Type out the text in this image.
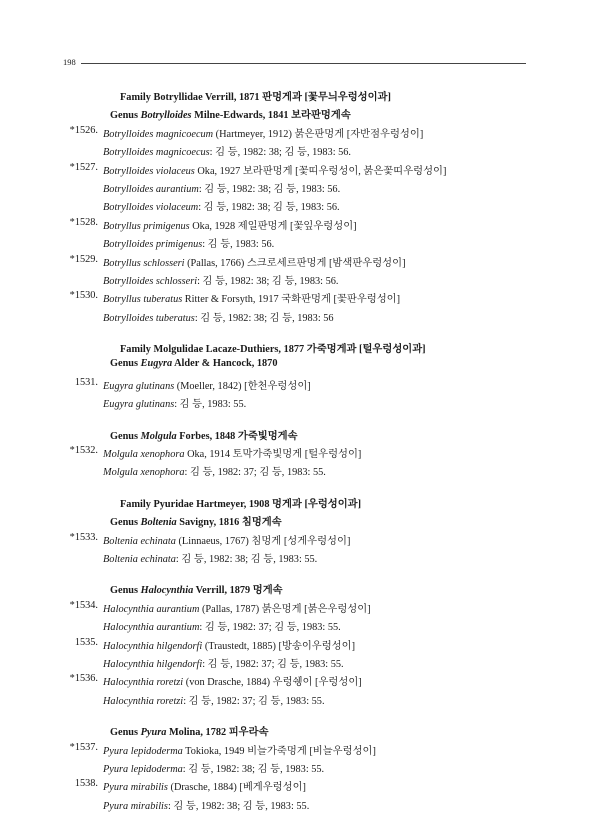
198
Family Botryllidae Verrill, 1871 판멍게과 [꽃무늬우렁성이과]
Genus Botrylloides Milne-Edwards, 1841 보라판멍게속
*1526. Botrylloides magnicoecum (Hartmeyer, 1912) 붉은판멍게 [자반점우렁성이]
Botrylloides magnicoecus: 김 등, 1982: 38; 김 등, 1983: 56.
*1527. Botrylloides violaceus Oka, 1927 보라판멍게 [꽃띠우렁성이, 붉은꽃띠우렁성이]
Botrylloides aurantium: 김 등, 1982: 38; 김 등, 1983: 56.
Botrylloides violaceum: 김 등, 1982: 38; 김 등, 1983: 56.
*1528. Botryllus primigenus Oka, 1928 제일판멍게 [꽃잎우렁성이]
Botrylloides primigenus: 김 등, 1983: 56.
*1529. Botryllus schlosseri (Pallas, 1766) 스크로세르판멍게 [밤색판우렁성이]
Botrylloides schlosseri: 김 등, 1982: 38; 김 등, 1983: 56.
*1530. Botryllus tuberatus Ritter & Forsyth, 1917 국화판멍게 [꽃판우렁성이]
Botrylloides tuberatus: 김 등, 1982: 38; 김 등, 1983: 56
Family Molgulidae Lacaze-Duthiers, 1877 가죽멍게과 [털우렁성이과]
Genus Eugyra Alder & Hancock, 1870
1531. Eugyra glutinans (Moeller, 1842) [한천우렁성이]
Eugyra glutinans: 김 등, 1983: 55.
Genus Molgula Forbes, 1848 가죽빛멍게속
*1532. Molgula xenophora Oka, 1914 토막가죽빛멍게 [털우렁성이]
Molgula xenophora: 김 등, 1982: 37; 김 등, 1983: 55.
Family Pyuridae Hartmeyer, 1908 멍게과 [우렁성이과]
Genus Boltenia Savigny, 1816 침멍게속
*1533. Boltenia echinata (Linnaeus, 1767) 침멍게 [성게우렁성이]
Boltenia echinata: 김 등, 1982: 38; 김 등, 1983: 55.
Genus Halocynthia Verrill, 1879 멍게속
*1534. Halocynthia aurantium (Pallas, 1787) 붉은멍게 [붉은우렁성이]
Halocynthia aurantium: 김 등, 1982: 37; 김 등, 1983: 55.
1535. Halocynthia hilgendorfi (Traustedt, 1885) [방송이우렁성이]
Halocynthia hilgendorfi: 김 등, 1982: 37; 김 등, 1983: 55.
*1536. Halocynthia roretzi (von Drasche, 1884) 우렁쉥이 [우렁성이]
Halocynthia roretzi: 김 등, 1982: 37; 김 등, 1983: 55.
Genus Pyura Molina, 1782 피우라속
*1537. Pyura lepidoderma Tokioka, 1949 비늘가죽멍게 [비늘우렁성이]
Pyura lepidoderma: 김 등, 1982: 38; 김 등, 1983: 55.
1538. Pyura mirabilis (Drasche, 1884) [베게우렁성이]
Pyura mirabilis: 김 등, 1982: 38; 김 등, 1983: 55.
